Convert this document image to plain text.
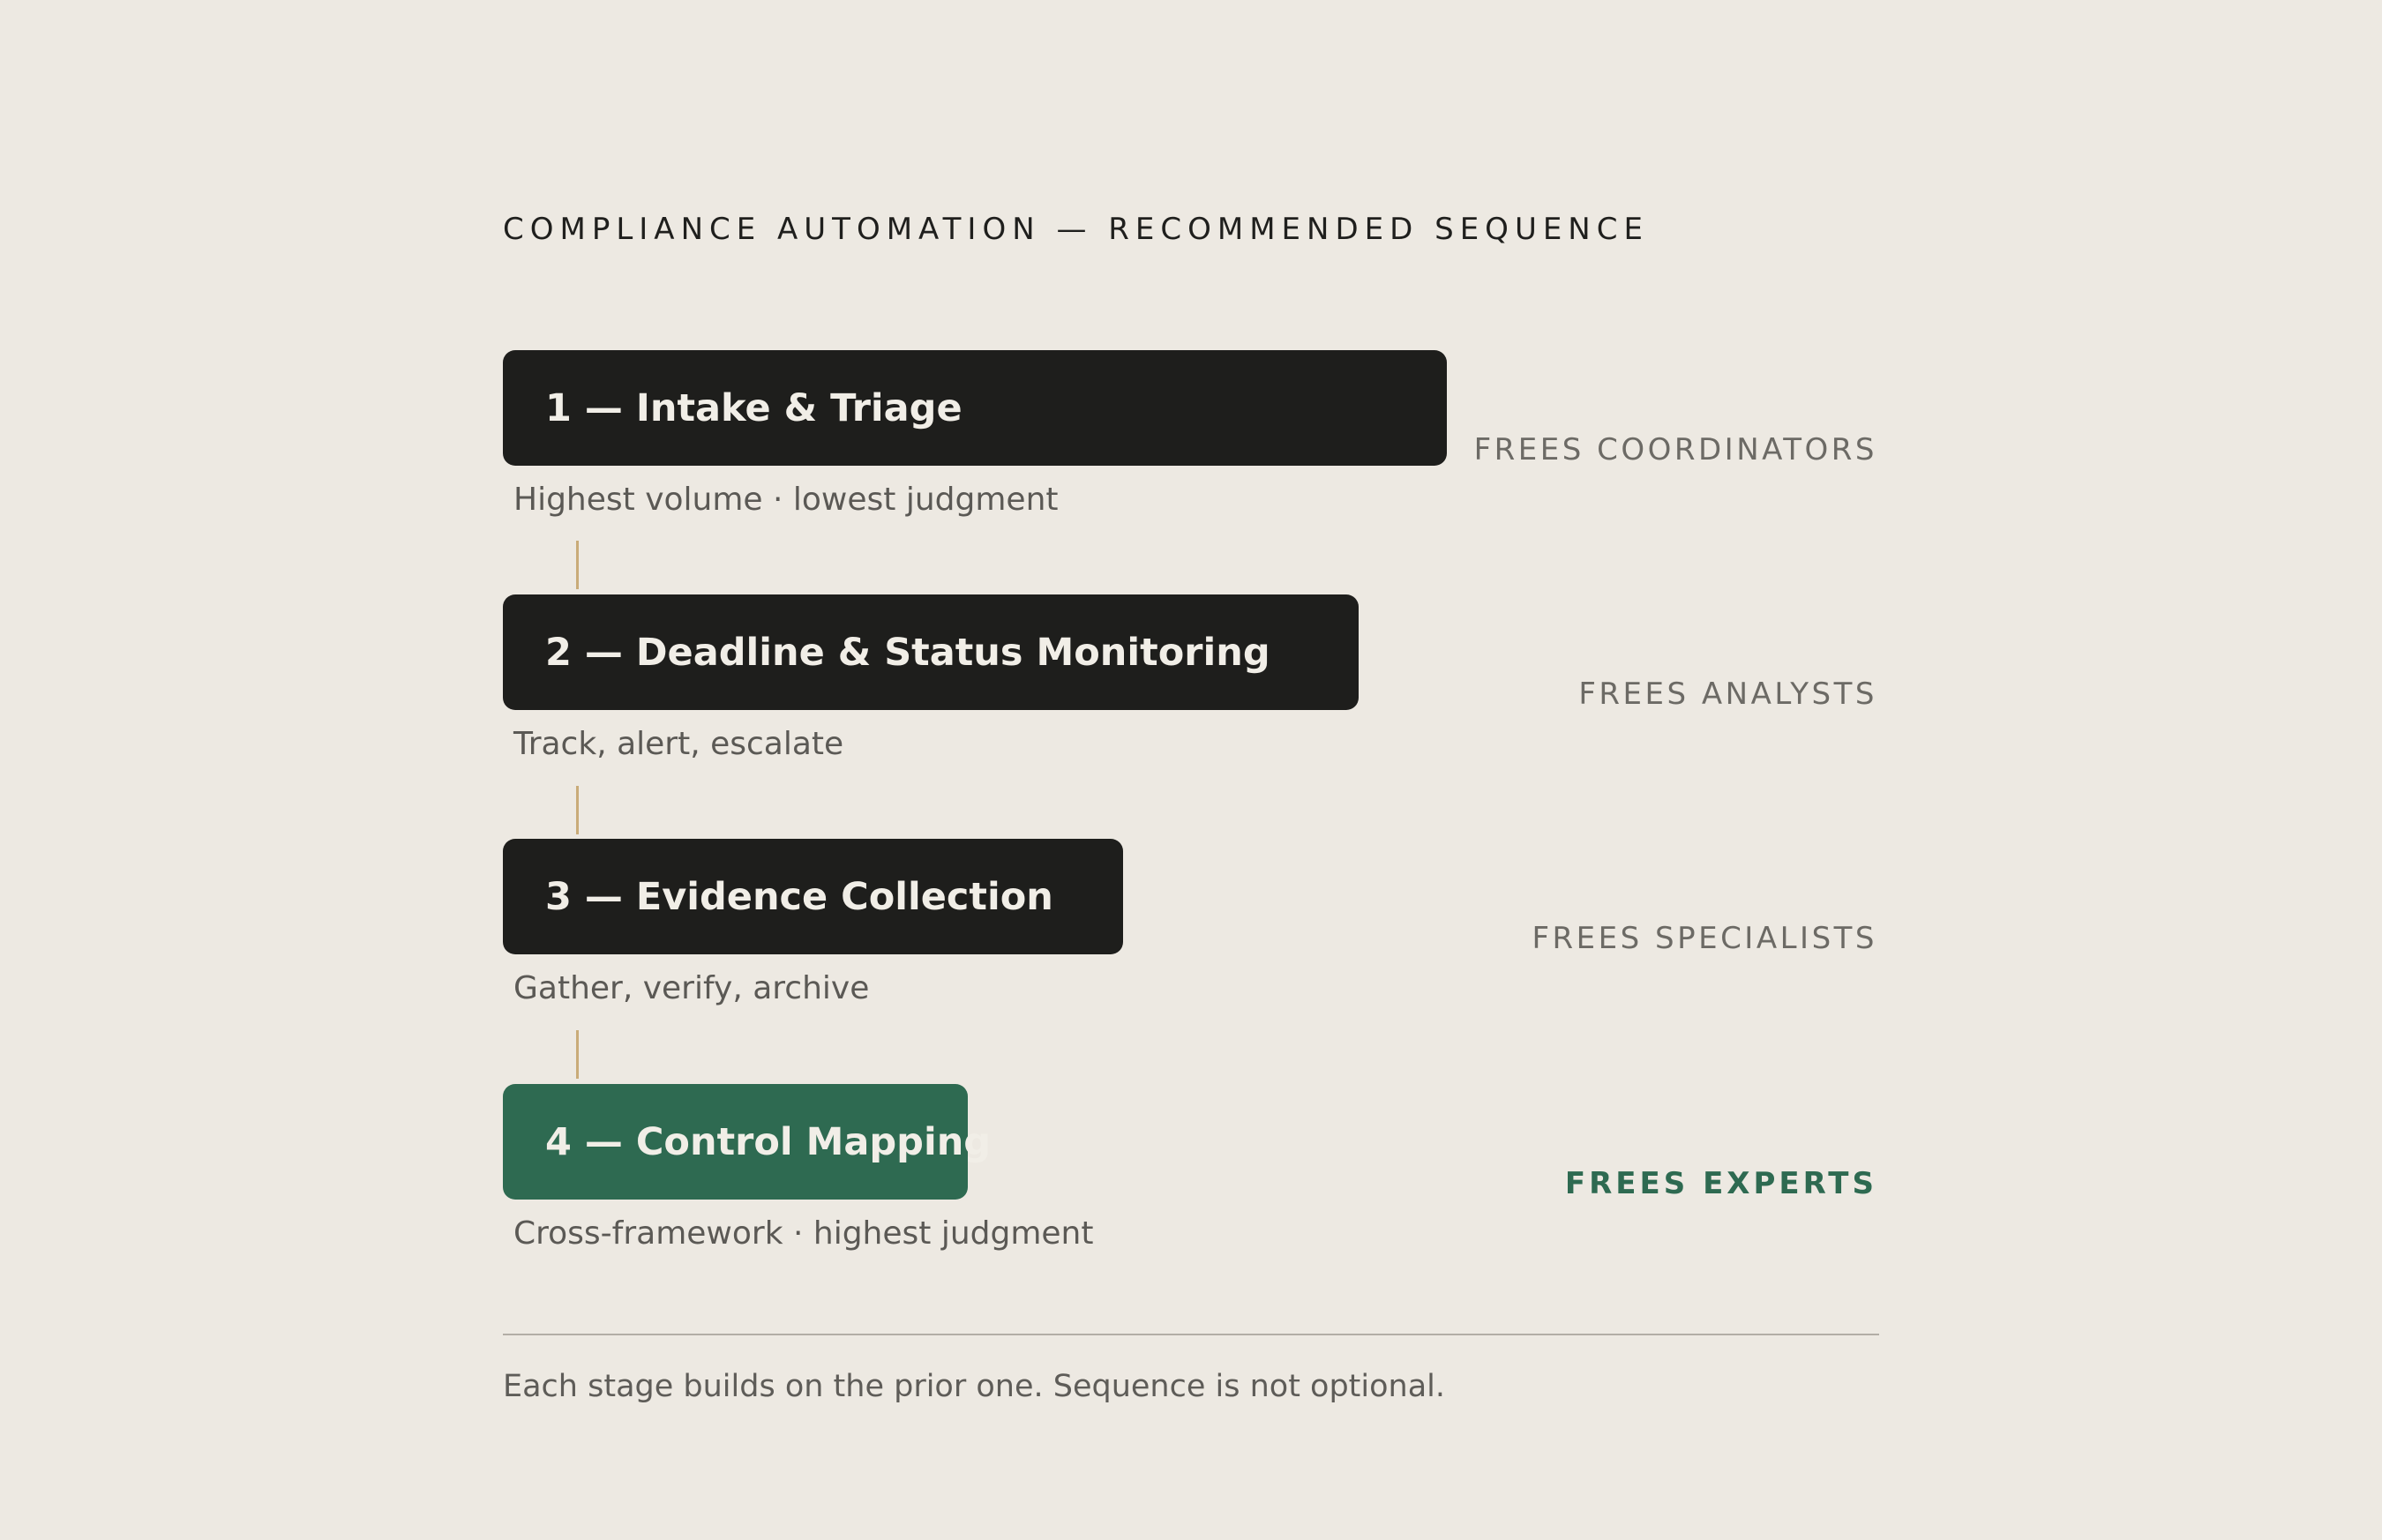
COMPLIANCE AUTOMATION — RECOMMENDED SEQUENCE
1 — Intake & Triage
Highest volume · lowest judgment
FREES COORDINATORS
2 — Deadline & Status Monitoring
Track, alert, escalate
FREES ANALYSTS
3 — Evidence Collection
Gather, verify, archive
FREES SPECIALISTS
4 — Control Mapping
Cross-framework · highest judgment
FREES EXPERTS
Each stage builds on the prior one. Sequence is not optional.
